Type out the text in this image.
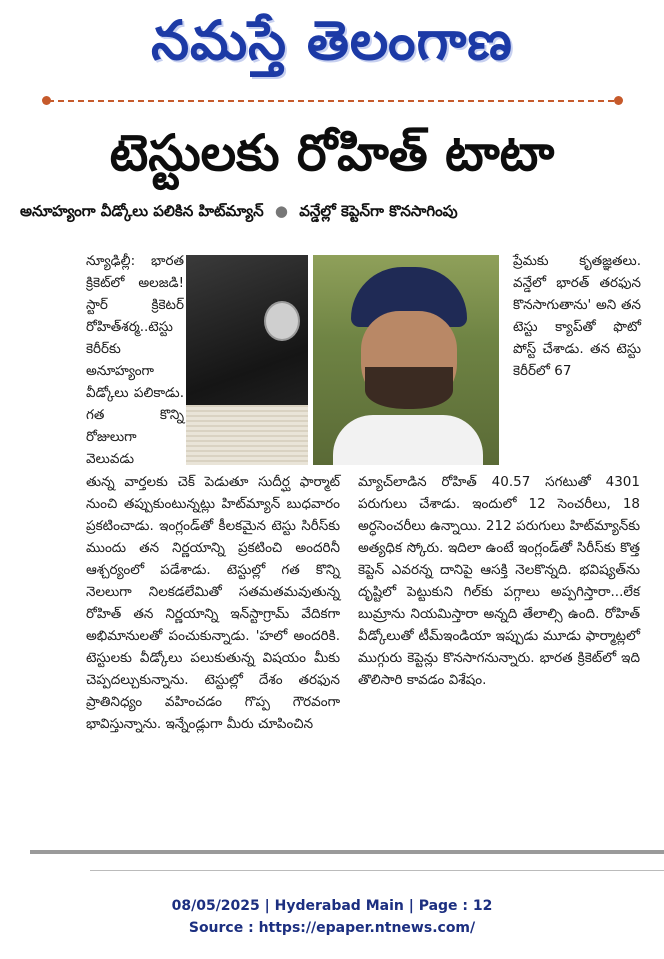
నమస్తే తెలంగాణ
టెస్టులకు రోహిత్ టాటా
అనూహ్యంగా వీడ్కోలు పలికిన హిట్‌మ్యాన్ ● వన్డేల్లో కెప్టెన్‌గా కొనసాగింపు

న్యూఢిల్లీ: భారత క్రికెట్‌లో అలజడి! స్టార్ క్రికెటర్ రోహిత్‌శర్మ..టెస్టు కెరీర్‌కు అనూహ్యంగా వీడ్కోలు పలికాడు. గత కొన్ని రోజులుగా వెలువడు

ప్రేమకు కృతజ్ఞతలు. వన్డేలో భారత్ తరఫున కొనసాగుతాను' అని తన టెస్టు క్యాప్‌తో ఫొటో పోస్ట్ చేశాడు. తన టెస్టు కెరీర్‌లో 67

తున్న వార్తలకు చెక్ పెడుతూ సుదీర్ఘ ఫార్మాట్ నుంచి తప్పుకుంటున్నట్లు హిట్‌మ్యాన్ బుధవారం ప్రకటించాడు. ఇంగ్లండ్‌తో కీలకమైన టెస్టు సిరీస్‌కు ముందు తన నిర్ణయాన్ని ప్రకటించి అందరినీ ఆశ్చర్యంలో పడేశాడు. టెస్టుల్లో గత కొన్ని నెలలుగా నిలకడలేమితో సతమతమవుతున్న రోహిత్ తన నిర్ణయాన్ని ఇన్‌స్టాగ్రామ్ వేదికగా అభిమానులతో పంచుకున్నాడు. 'హలో అందరికి. టెస్టులకు వీడ్కోలు పలుకుతున్న విషయం మీకు చెప్పదల్చుకున్నాను. టెస్టుల్లో దేశం తరఫున ప్రాతినిధ్యం వహించడం గొప్ప గౌరవంగా భావిస్తున్నాను. ఇన్నేండ్లుగా మీరు చూపించిన

మ్యాచ్‌లాడిన రోహిత్ 40.57 సగటుతో 4301 పరుగులు చేశాడు. ఇందులో 12 సెంచరీలు, 18 అర్ధసెంచరీలు ఉన్నాయి. 212 పరుగులు హిట్‌మ్యాన్‌కు అత్యధిక స్కోరు. ఇదిలా ఉంటే ఇంగ్లండ్‌తో సిరీస్‌కు కొత్త కెప్టెన్ ఎవరన్న దానిపై ఆసక్తి నెలకొన్నది. భవిష్యత్‌ను దృష్టిలో పెట్టుకుని గిల్‌కు పగ్గాలు అప్పగిస్తారా...లేక బుమ్రాను నియమిస్తారా అన్నది తేలాల్సి ఉంది. రోహిత్ వీడ్కోలుతో టీమ్‌ఇండియా ఇప్పుడు మూడు ఫార్మాట్లలో ముగ్గురు కెప్టెన్లు కొనసాగనున్నారు. భారత క్రికెట్‌లో ఇది తొలిసారి కావడం విశేషం.

08/05/2025 | Hyderabad Main | Page : 12
Source : https://epaper.ntnews.com/
